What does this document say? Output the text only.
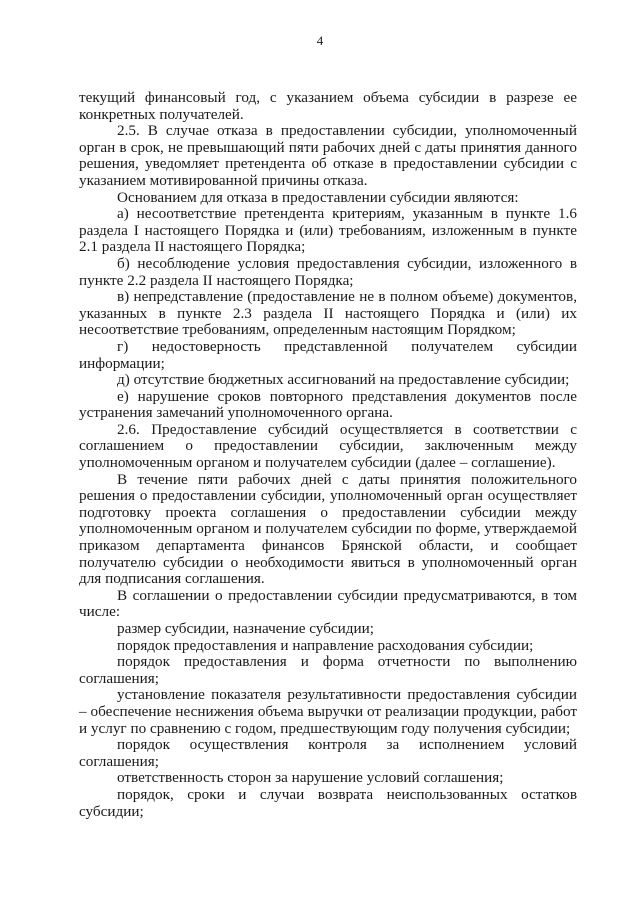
4

текущий финансовый год, с указанием объема субсидии в разрезе ее конкретных получателей.

2.5. В случае отказа в предоставлении субсидии, уполномоченный орган в срок, не превышающий пяти рабочих дней с даты принятия данного решения, уведомляет претендента об отказе в предоставлении субсидии с указанием мотивированной причины отказа.

Основанием для отказа в предоставлении субсидии являются:

а) несоответствие претендента критериям, указанным в пункте 1.6 раздела I настоящего Порядка и (или) требованиям, изложенным в пункте 2.1 раздела II настоящего Порядка;

б) несоблюдение условия предоставления субсидии, изложенного в пункте 2.2 раздела II настоящего Порядка;

в) непредставление (предоставление не в полном объеме) документов, указанных в пункте 2.3 раздела II настоящего Порядка и (или) их несоответствие требованиям, определенным настоящим Порядком;

г) недостоверность представленной получателем субсидии информации;

д) отсутствие бюджетных ассигнований на предоставление субсидии;

е) нарушение сроков повторного представления документов после устранения замечаний уполномоченного органа.

2.6. Предоставление субсидий осуществляется в соответствии с соглашением о предоставлении субсидии, заключенным между уполномоченным органом и получателем субсидии (далее – соглашение).

В течение пяти рабочих дней с даты принятия положительного решения о предоставлении субсидии, уполномоченный орган осуществляет подготовку проекта соглашения о предоставлении субсидии между уполномоченным органом и получателем субсидии по форме, утверждаемой приказом департамента финансов Брянской области, и сообщает получателю субсидии о необходимости явиться в уполномоченный орган для подписания соглашения.

В соглашении о предоставлении субсидии предусматриваются, в том числе:

размер субсидии, назначение субсидии;

порядок предоставления и направление расходования субсидии;

порядок предоставления и форма отчетности по выполнению соглашения;

установление показателя результативности предоставления субсидии – обеспечение неснижения объема выручки от реализации продукции, работ и услуг по сравнению с годом, предшествующим году получения субсидии;

порядок осуществления контроля за исполнением условий соглашения;

ответственность сторон за нарушение условий соглашения;

порядок, сроки и случаи возврата неиспользованных остатков субсидии;
